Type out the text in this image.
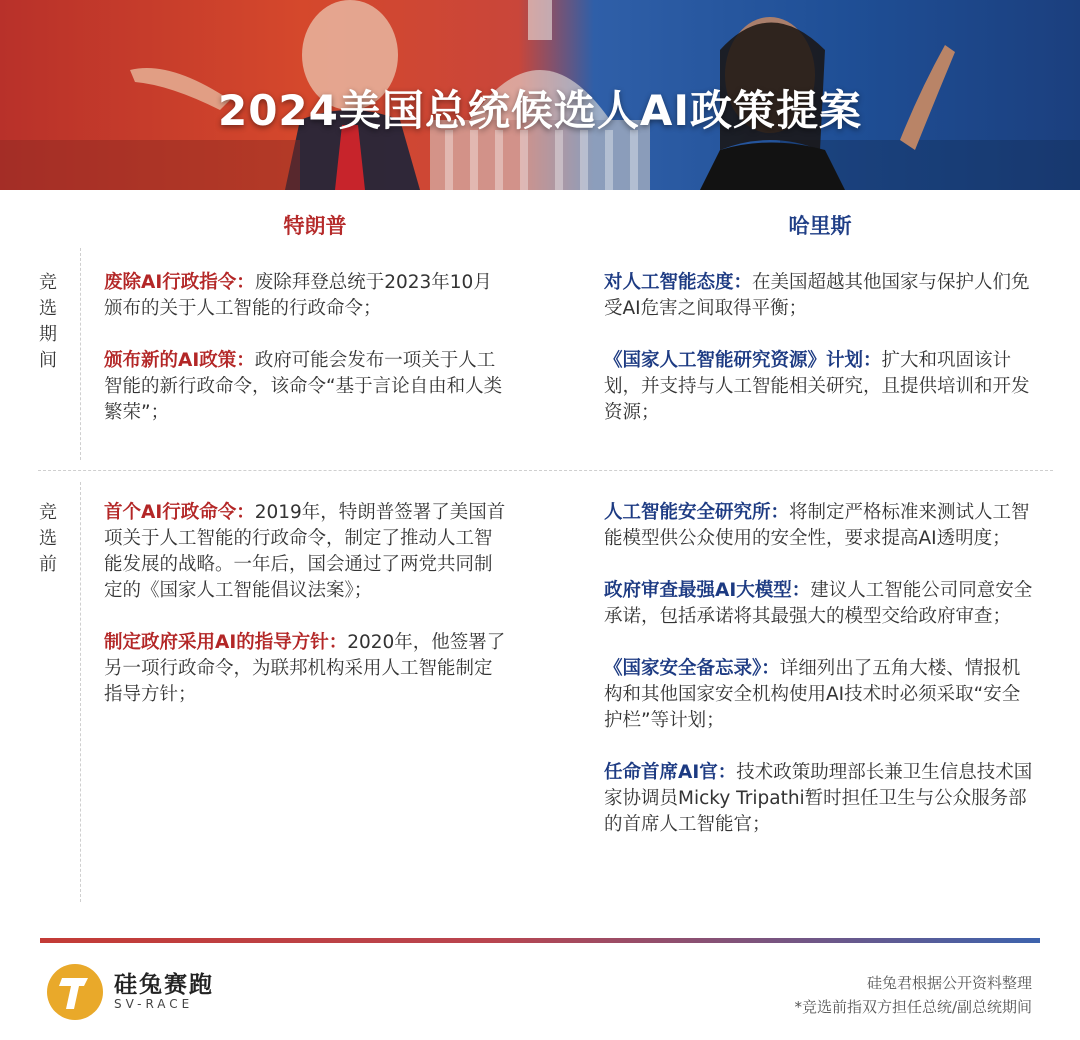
2024美国总统候选人AI政策提案
特朗普	哈里斯
竞选期间
竞选前
废除AI行政指令：废除拜登总统于2023年10月颁布的关于人工智能的行政命令；
颁布新的AI政策：政府可能会发布一项关于人工智能的新行政命令，该命令“基于言论自由和人类繁荣”；
对人工智能态度：在美国超越其他国家与保护人们免受AI危害之间取得平衡；
《国家人工智能研究资源》计划：扩大和巩固该计划，并支持与人工智能相关研究，且提供培训和开发资源；
首个AI行政命令：2019年，特朗普签署了美国首项关于人工智能的行政命令，制定了推动人工智能发展的战略。一年后，国会通过了两党共同制定的《国家人工智能倡议法案》；
制定政府采用AI的指导方针：2020年，他签署了另一项行政命令，为联邦机构采用人工智能制定指导方针；
人工智能安全研究所：将制定严格标准来测试人工智能模型供公众使用的安全性，要求提高AI透明度；
政府审查最强AI大模型：建议人工智能公司同意安全承诺，包括承诺将其最强大的模型交给政府审查；
《国家安全备忘录》：详细列出了五角大楼、情报机构和其他国家安全机构使用AI技术时必须采取“安全护栏”等计划；
任命首席AI官：技术政策助理部长兼卫生信息技术国家协调员Micky Tripathi暂时担任卫生与公众服务部的首席人工智能官；
硅兔赛跑
SV-RACE
硅兔君根据公开资料整理
*竞选前指双方担任总统/副总统期间
